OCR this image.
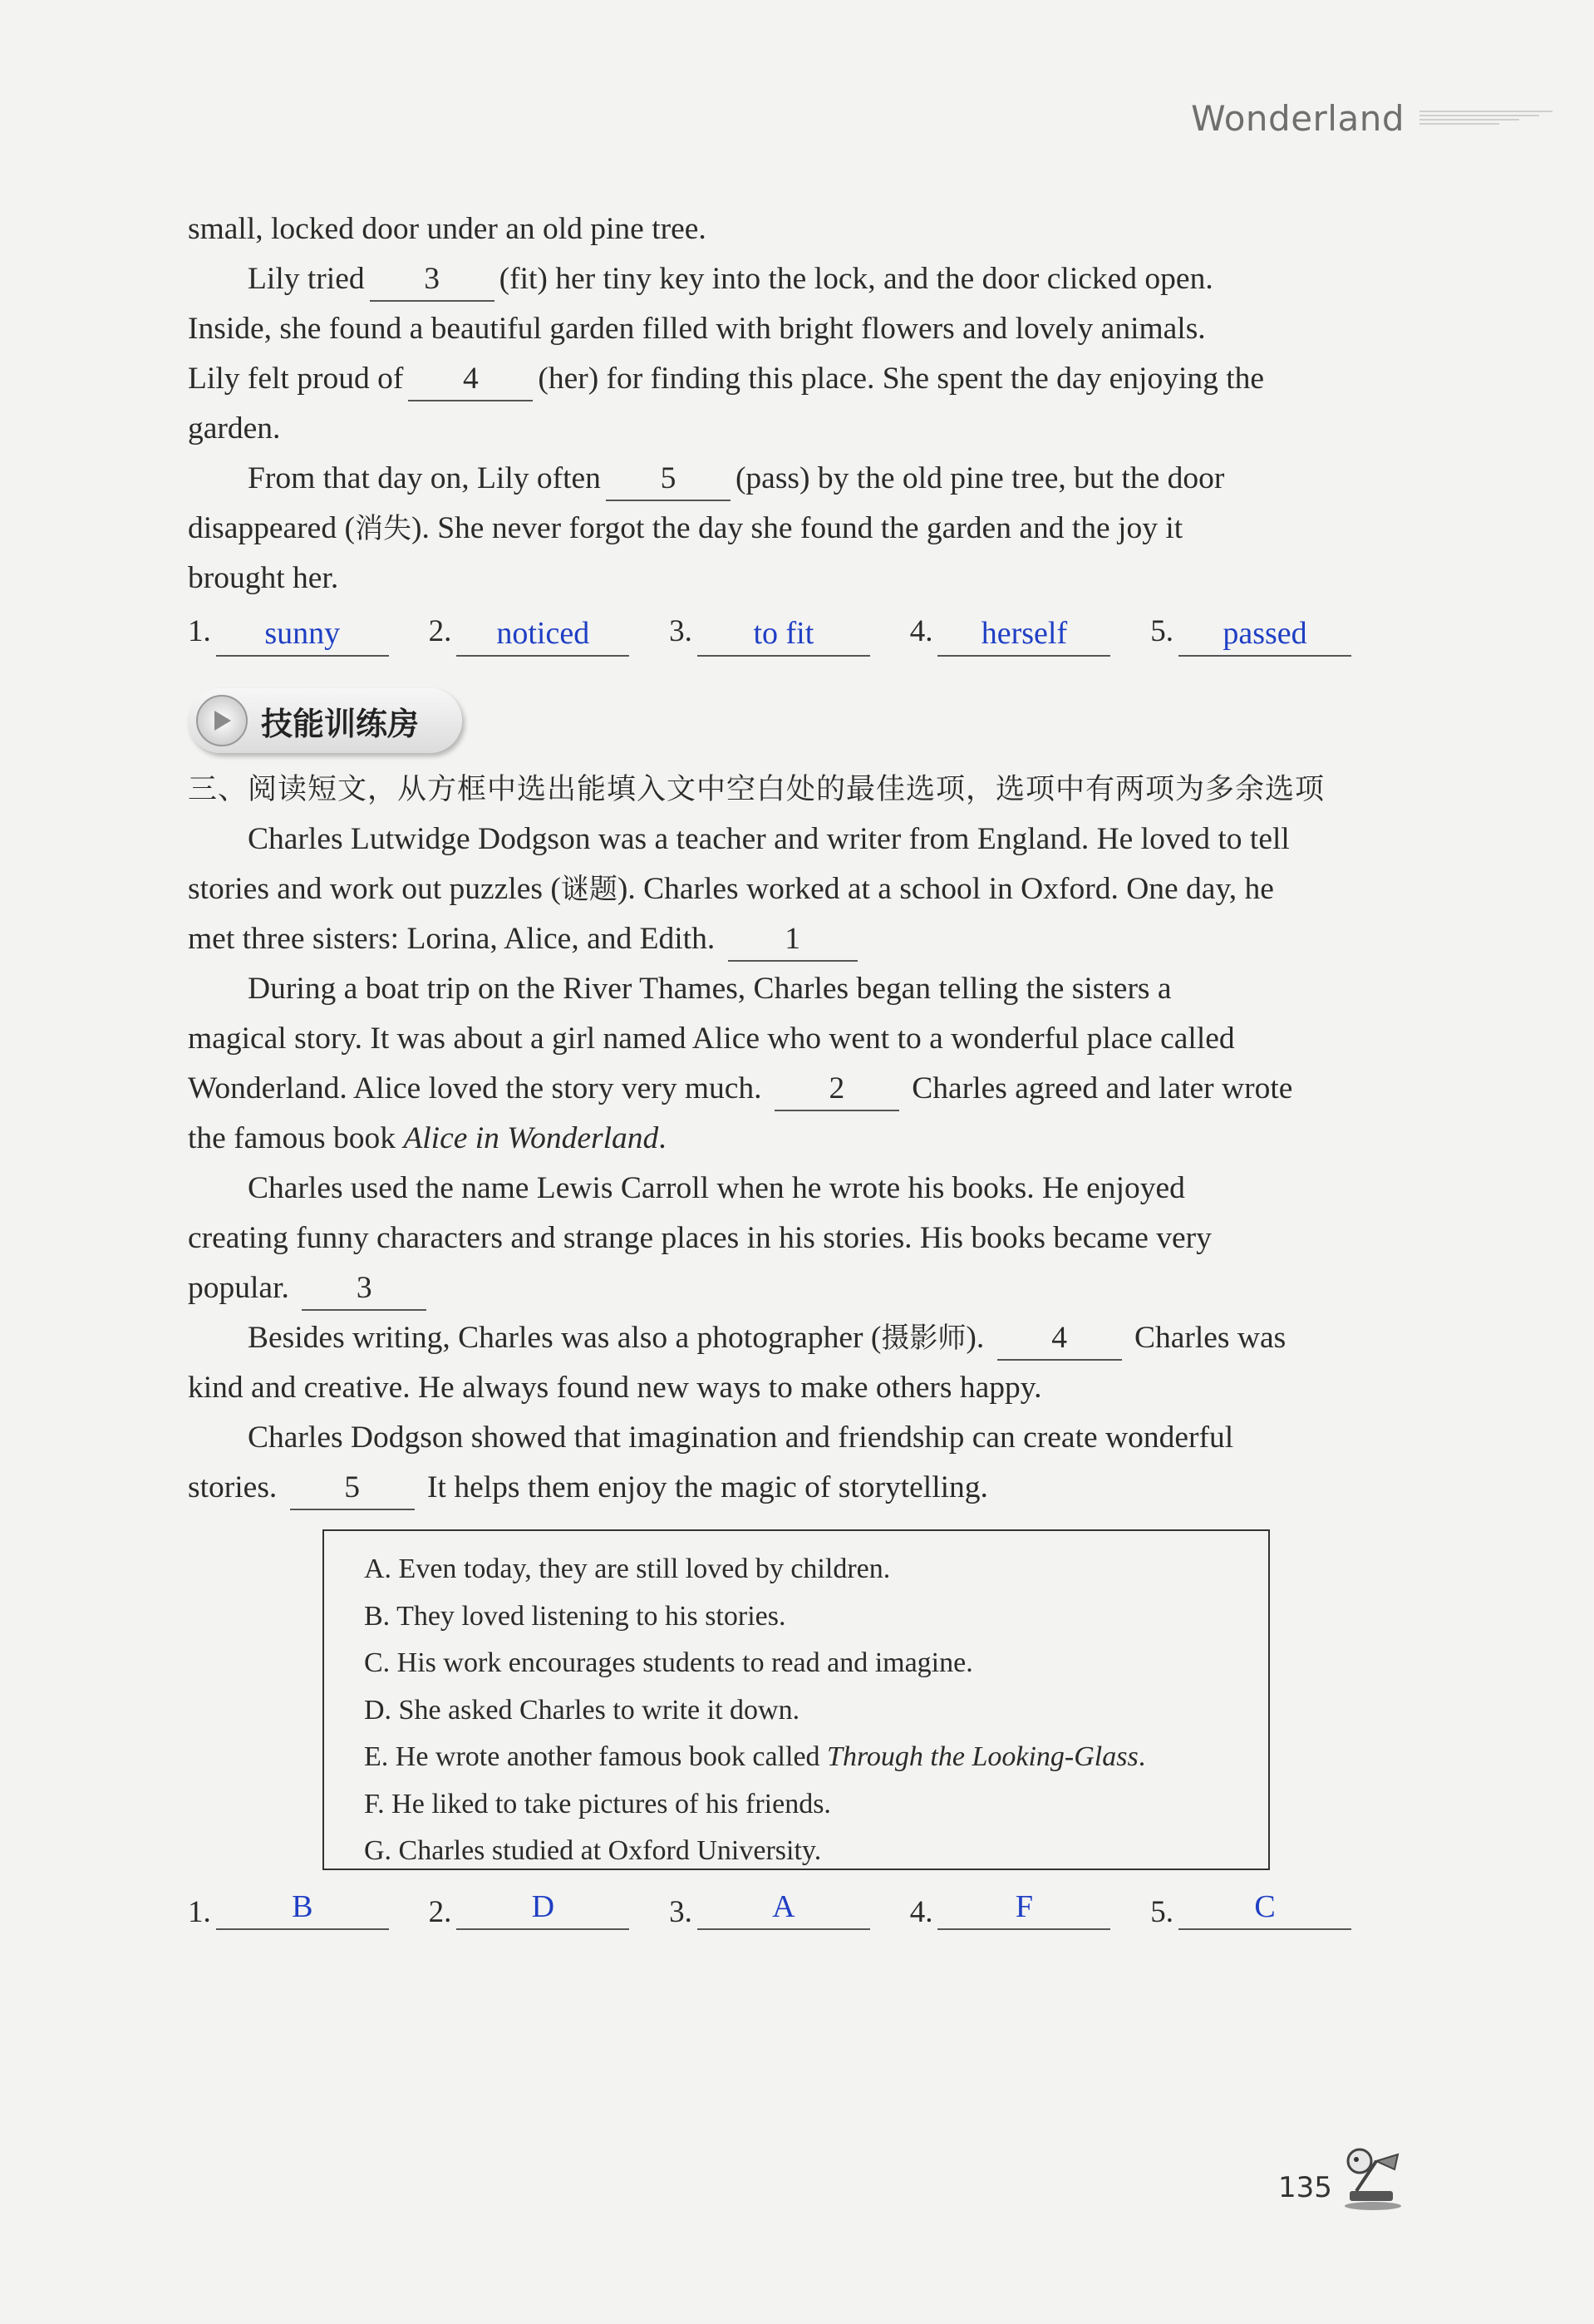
Wonderland

small, locked door under an old pine tree.

Lily tried 3 (fit) her tiny key into the lock, and the door clicked open.

Inside, she found a beautiful garden filled with bright flowers and lovely animals.

Lily felt proud of 4 (her) for finding this place. She spent the day enjoying the

garden.

From that day on, Lily often 5 (pass) by the old pine tree, but the door

disappeared (消失). She never forgot the day she found the garden and the joy it

brought her.

1.	sunny	2.	noticed	3.	to fit	4.	herself	5.	passed
技能训练房

三、阅读短文，从方框中选出能填入文中空白处的最佳选项，选项中有两项为多余选项

Charles Lutwidge Dodgson was a teacher and writer from England. He loved to tell

stories and work out puzzles (谜题). Charles worked at a school in Oxford. One day, he

met three sisters: Lorina, Alice, and Edith. 1

During a boat trip on the River Thames, Charles began telling the sisters a

magical story. It was about a girl named Alice who went to a wonderful place called

Wonderland. Alice loved the story very much. 2 Charles agreed and later wrote

the famous book Alice in Wonderland.

Charles used the name Lewis Carroll when he wrote his books. He enjoyed

creating funny characters and strange places in his stories. His books became very

popular. 3

Besides writing, Charles was also a photographer (摄影师). 4 Charles was

kind and creative. He always found new ways to make others happy.

Charles Dodgson showed that imagination and friendship can create wonderful

stories. 5 It helps them enjoy the magic of storytelling.

A. Even today, they are still loved by children.
B. They loved listening to his stories.
C. His work encourages students to read and imagine.
D. She asked Charles to write it down.
E. He wrote another famous book called Through the Looking-Glass.
F. He liked to take pictures of his friends.
G. Charles studied at Oxford University.
1.	B	2.	D	3.	A	4.	F	5.	C
135
